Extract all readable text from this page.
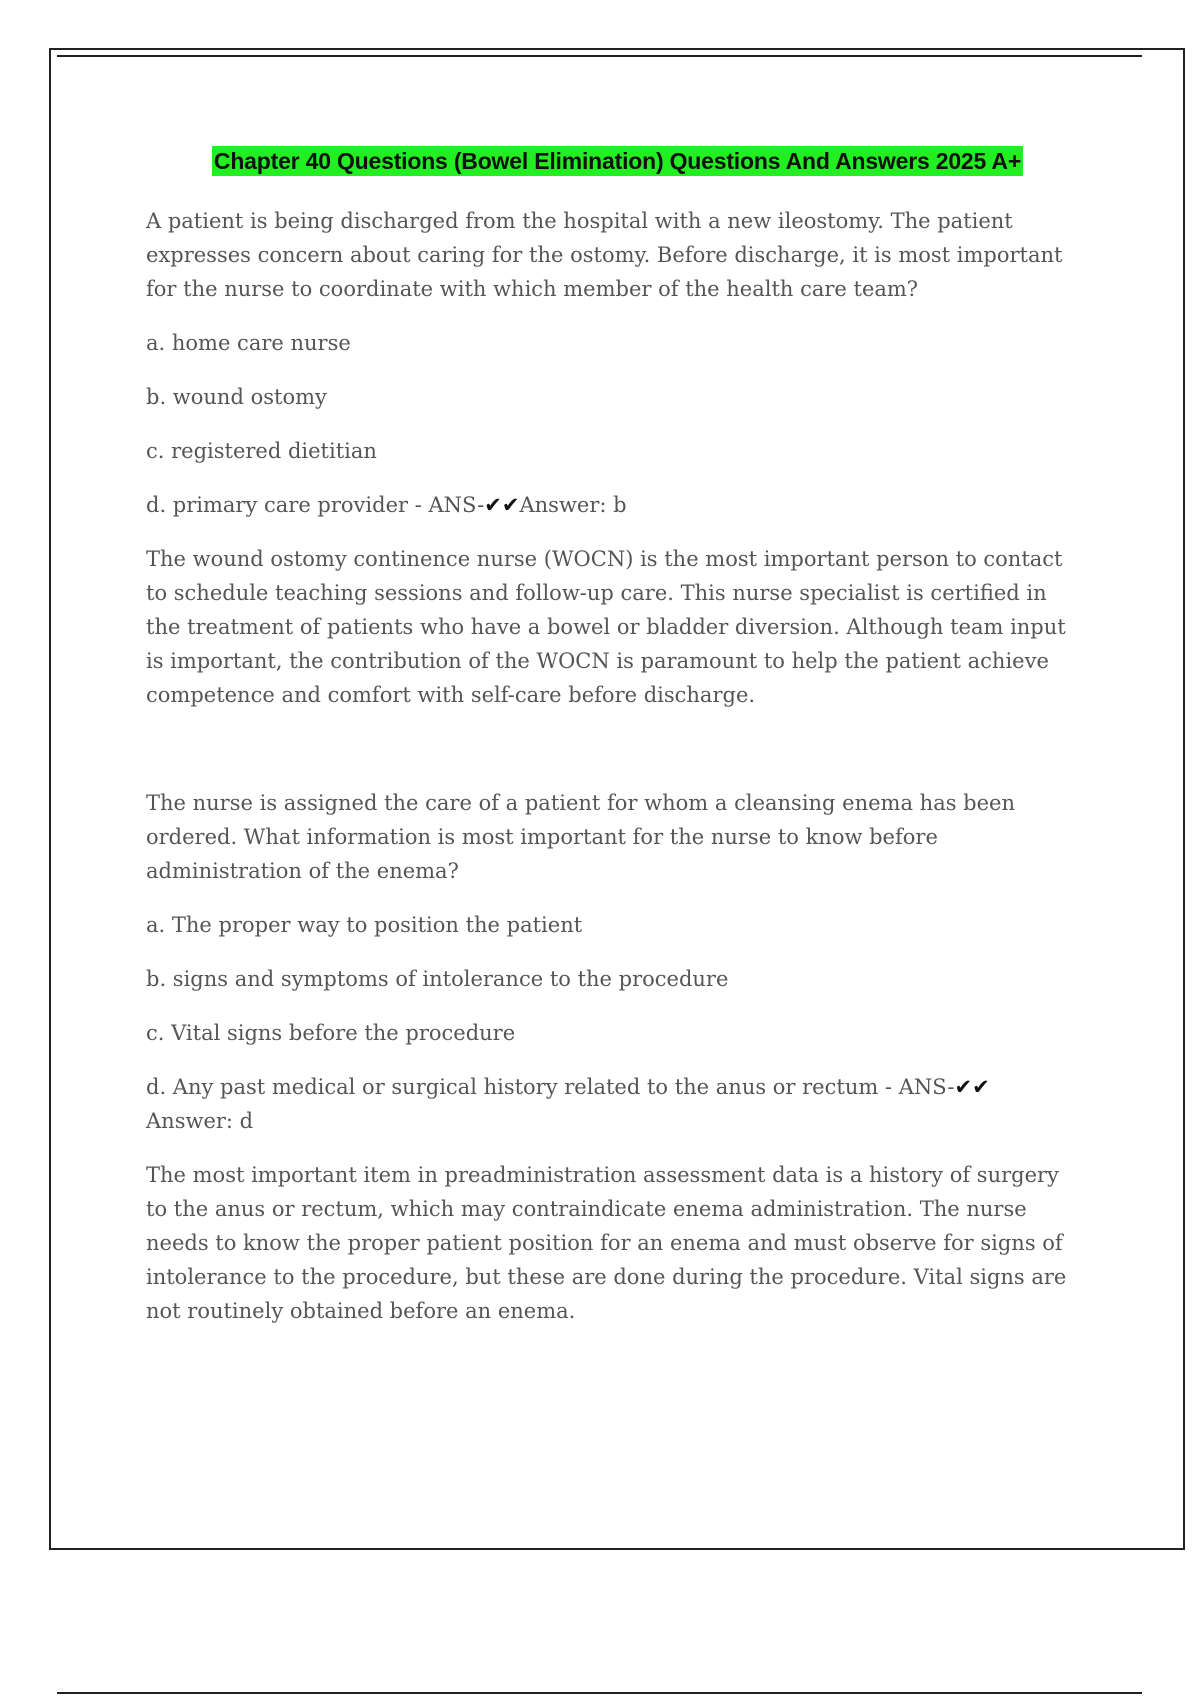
Chapter 40 Questions (Bowel Elimination) Questions And Answers 2025 A+

A patient is being discharged from the hospital with a new ileostomy. The patient expresses concern about caring for the ostomy. Before discharge, it is most important for the nurse to coordinate with which member of the health care team?

a. home care nurse

b. wound ostomy

c. registered dietitian

d. primary care provider - ANS-✔✔Answer: b

The wound ostomy continence nurse (WOCN) is the most important person to contact to schedule teaching sessions and follow-up care. This nurse specialist is certified in the treatment of patients who have a bowel or bladder diversion. Although team input is important, the contribution of the WOCN is paramount to help the patient achieve competence and comfort with self-care before discharge.

The nurse is assigned the care of a patient for whom a cleansing enema has been ordered. What information is most important for the nurse to know before administration of the enema?

a. The proper way to position the patient

b. signs and symptoms of intolerance to the procedure

c. Vital signs before the procedure

d. Any past medical or surgical history related to the anus or rectum - ANS-✔✔
Answer: d

The most important item in preadministration assessment data is a history of surgery to the anus or rectum, which may contraindicate enema administration. The nurse needs to know the proper patient position for an enema and must observe for signs of intolerance to the procedure, but these are done during the procedure. Vital signs are not routinely obtained before an enema.
